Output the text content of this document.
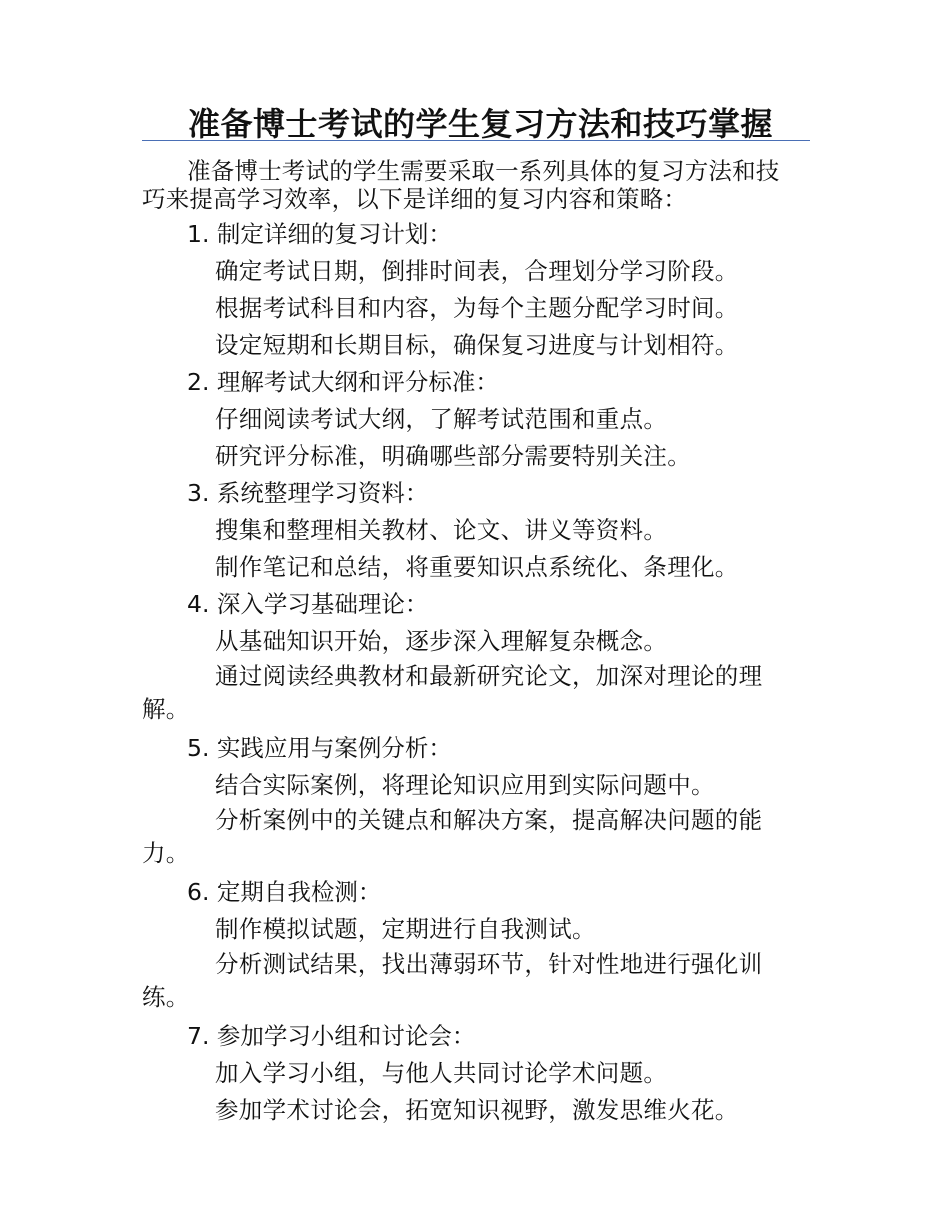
准备博士考试的学生复习方法和技巧掌握
准备博士考试的学生需要采取一系列具体的复习方法和技巧来提高学习效率，以下是详细的复习内容和策略：

1. 制定详细的复习计划：

确定考试日期，倒排时间表，合理划分学习阶段。

根据考试科目和内容，为每个主题分配学习时间。

设定短期和长期目标，确保复习进度与计划相符。

2. 理解考试大纲和评分标准：

仔细阅读考试大纲，了解考试范围和重点。

研究评分标准，明确哪些部分需要特别关注。

3. 系统整理学习资料：

搜集和整理相关教材、论文、讲义等资料。

制作笔记和总结，将重要知识点系统化、条理化。

4. 深入学习基础理论：

从基础知识开始，逐步深入理解复杂概念。

通过阅读经典教材和最新研究论文，加深对理论的理解。

5. 实践应用与案例分析：

结合实际案例，将理论知识应用到实际问题中。

分析案例中的关键点和解决方案，提高解决问题的能力。

6. 定期自我检测：

制作模拟试题，定期进行自我测试。

分析测试结果，找出薄弱环节，针对性地进行强化训练。

7. 参加学习小组和讨论会：

加入学习小组，与他人共同讨论学术问题。

参加学术讨论会，拓宽知识视野，激发思维火花。
